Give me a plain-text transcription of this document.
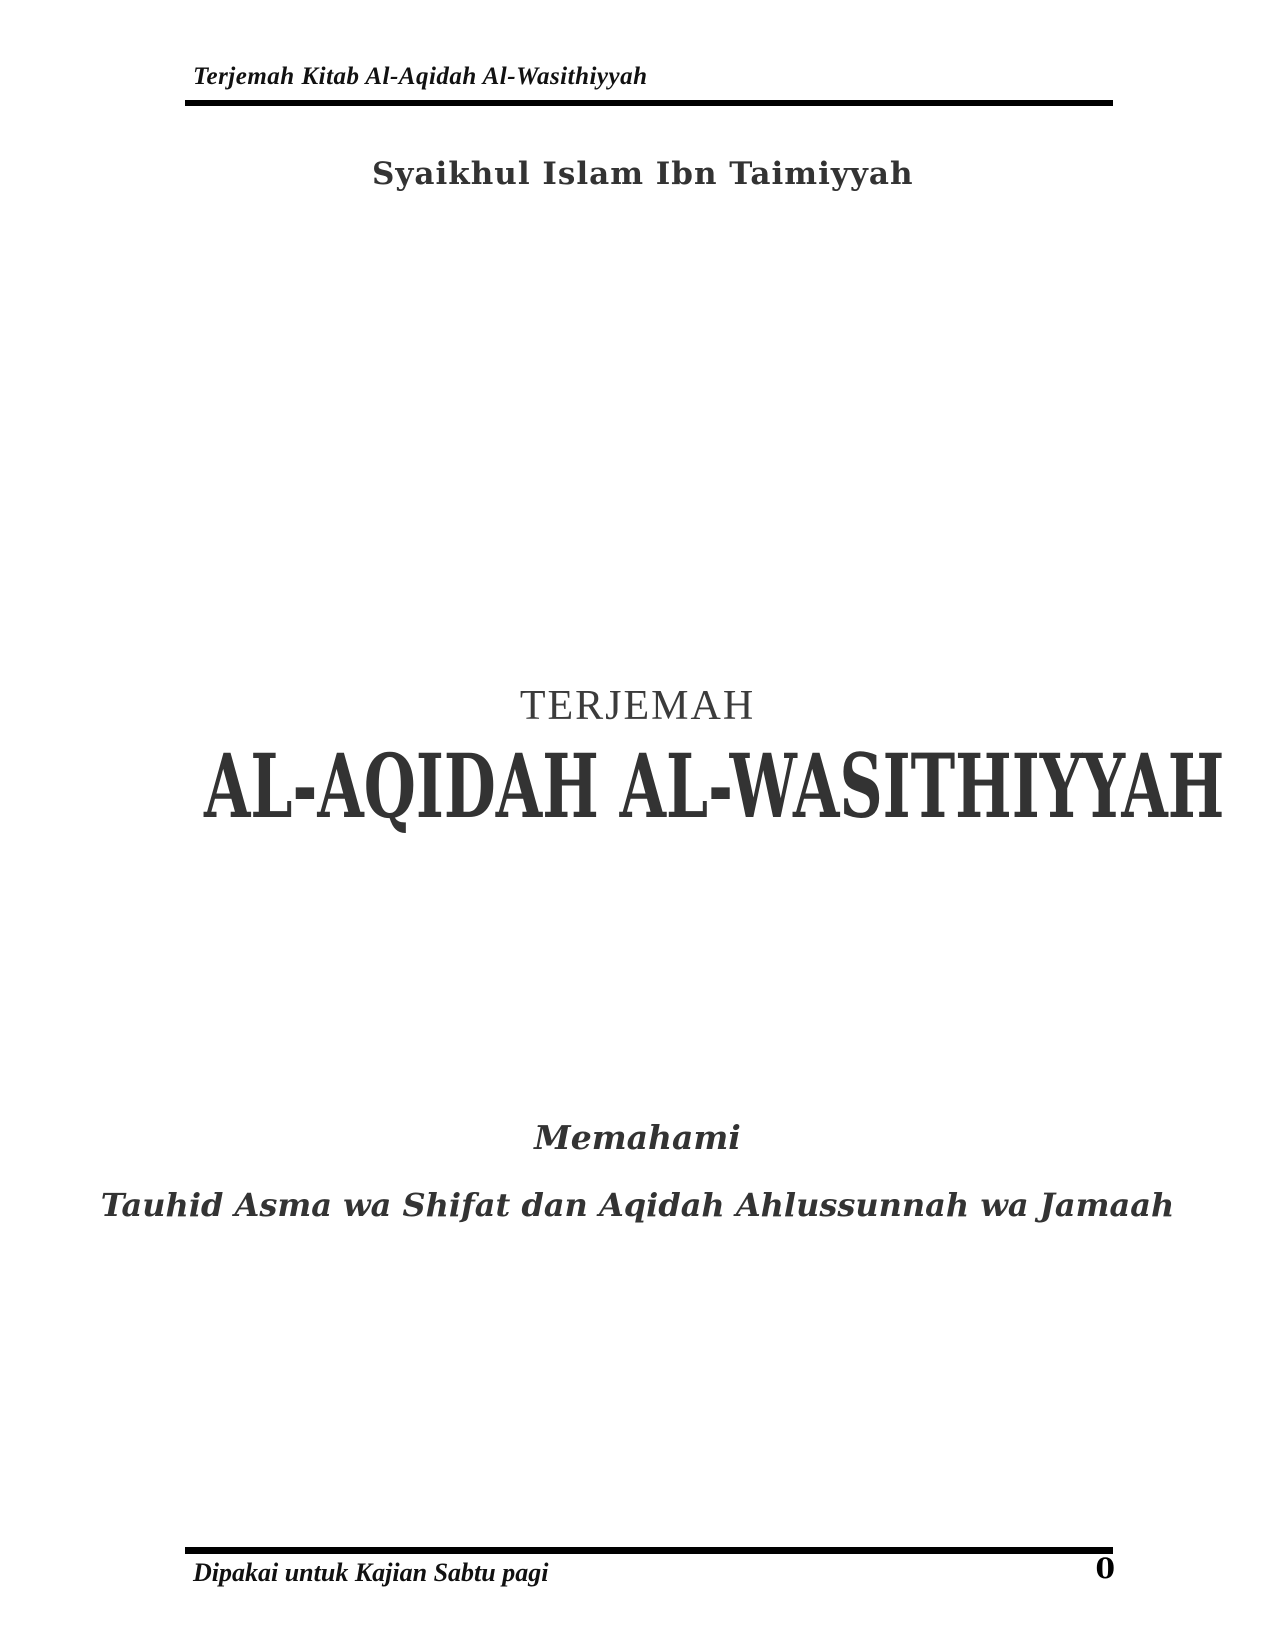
Terjemah Kitab Al-Aqidah Al-Wasithiyyah
Syaikhul Islam Ibn Taimiyyah
TERJEMAH
AL-AQIDAH AL-WASITHIYYAH
Memahami
Tauhid Asma wa Shifat dan Aqidah Ahlussunnah wa Jamaah
Dipakai untuk Kajian Sabtu pagi	0
